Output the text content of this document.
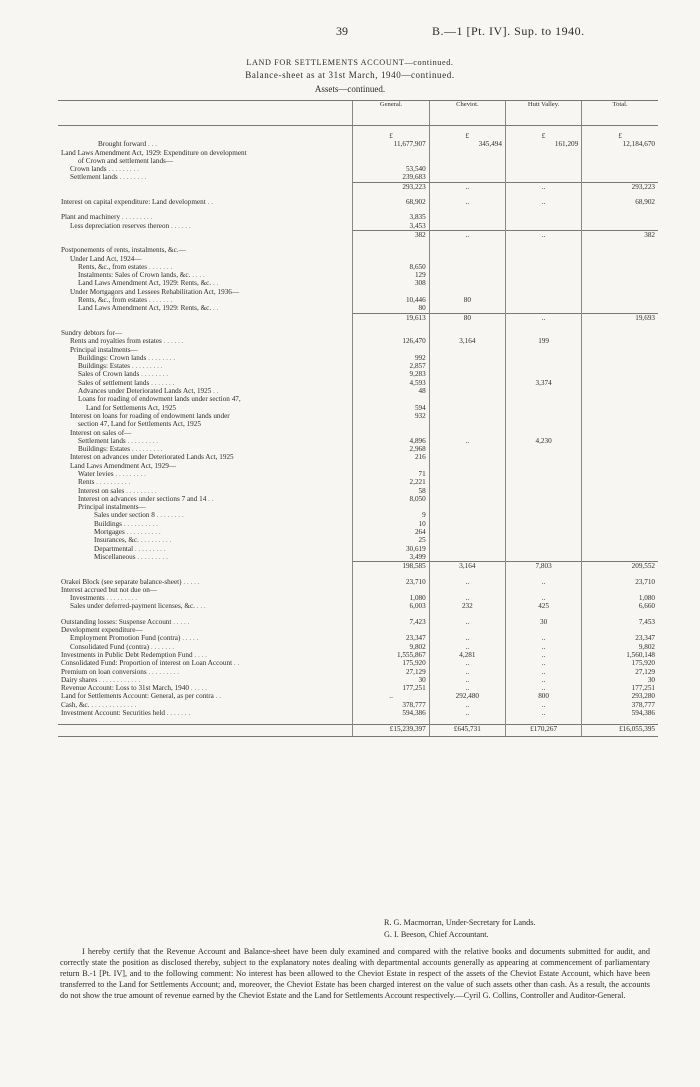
39	B.—1 [Pt. IV]. Sup. to 1940.
LAND FOR SETTLEMENTS ACCOUNT—continued.
Balance-sheet as at 31st March, 1940—continued.
Assets—continued.
	General.	Cheviot.	Hutt Valley.	Total.

	£	£	£	£
Brought forward . . .	11,677,907	345,494	161,209	12,184,670
Land Laws Amendment Act, 1929: Expenditure on development				
of Crown and settlement lands—				
Crown lands . . . . . . . . .	53,540			
Settlement lands . . . . . . . .	239,683			
	293,223	..	..	293,223

Interest on capital expenditure: Land development . .	68,902	..	..	68,902

Plant and machinery . . . . . . . . .	3,835			
Less depreciation reserves thereon . . . . . .	3,453			
	382	..	..	382

Postponements of rents, instalments, &c.—				
Under Land Act, 1924—				
Rents, &c., from estates . . . . . . .	8,650			
Instalments: Sales of Crown lands, &c. . . . .	129			
Land Laws Amendment Act, 1929: Rents, &c. . .	308			
Under Mortgagors and Lessees Rehabilitation Act, 1936—				
Rents, &c., from estates . . . . . . .	10,446	80		
Land Laws Amendment Act, 1929: Rents, &c. . .	80			
	19,613	80	..	19,693

Sundry debtors for—				
Rents and royalties from estates . . . . . .	126,470	3,164	199	
Principal instalments—				
Buildings: Crown lands . . . . . . . .	992			
Buildings: Estates . . . . . . . . .	2,857			
Sales of Crown lands . . . . . . . .	9,283			
Sales of settlement lands . . . . . . .	4,593		3,374	
Advances under Deteriorated Lands Act, 1925 . .	48			
Loans for roading of endowment lands under section 47,				
Land for Settlements Act, 1925	594			
Interest on loans for roading of endowment lands under	932			
section 47, Land for Settlements Act, 1925				
Interest on sales of—				
Settlement lands . . . . . . . . .	4,896	..	4,230	
Buildings: Estates . . . . . . . . .	2,968			
Interest on advances under Deteriorated Lands Act, 1925	216			
Land Laws Amendment Act, 1929—				
Water levies . . . . . . . . .	71			
Rents . . . . . . . . . .	2,221			
Interest on sales . . . . . . . . .	58			
Interest on advances under sections 7 and 14 . .	8,050			
Principal instalments—				
Sales under section 8 . . . . . . . .	9			
Buildings . . . . . . . . . .	10			
Mortgages . . . . . . . . . .	264			
Insurances, &c. . . . . . . . . .	25			
Departmental . . . . . . . . .	30,619			
Miscellaneous . . . . . . . . .	3,499			
	198,585	3,164	7,803	209,552

Orakei Block (see separate balance-sheet) . . . . .	23,710	..	..	23,710
Interest accrued but not due on—				
Investments . . . . . . . . .	1,080	..	..	1,080
Sales under deferred-payment licenses, &c. . . .	6,003	232	425	6,660

Outstanding losses: Suspense Account . . . . .	7,423	..	30	7,453
Development expenditure—				
Employment Promotion Fund (contra) . . . . .	23,347	..	..	23,347
Consolidated Fund (contra) . . . . . . .	9,802	..	..	9,802
Investments in Public Debt Redemption Fund . . . .	1,555,867	4,281	..	1,560,148
Consolidated Fund: Proportion of interest on Loan Account . .	175,920	..	..	175,920
Premium on loan conversions . . . . . . . . .	27,129	..	..	27,129
Dairy shares . . . . . . . . . . . .	30	..	..	30
Revenue Account: Loss to 31st March, 1940 . . . . .	177,251	..	..	177,251
Land for Settlements Account: General, as per contra . .	..	292,480	800	293,280
Cash, &c. . . . . . . . . . . . . .	378,777	..	..	378,777
Investment Account: Securities held . . . . . . .	594,386	..	..	594,386

	£15,239,397	£645,731	£170,267	£16,055,395
R. G. Macmorran, Under-Secretary for Lands.
G. I. Beeson, Chief Accountant.
I hereby certify that the Revenue Account and Balance-sheet have been duly examined and compared with the relative books and documents submitted for audit, and correctly state the position as disclosed thereby, subject to the explanatory notes dealing with departmental accounts generally as appearing at commencement of parliamentary return B.-1 [Pt. IV], and to the following comment: No interest has been allowed to the Cheviot Estate in respect of the assets of the Cheviot Estate Account, which have been transferred to the Land for Settlements Account; and, moreover, the Cheviot Estate has been charged interest on the value of such assets other than cash. As a result, the accounts do not show the true amount of revenue earned by the Cheviot Estate and the Land for Settlements Account respectively.—Cyril G. Collins, Controller and Auditor-General.
